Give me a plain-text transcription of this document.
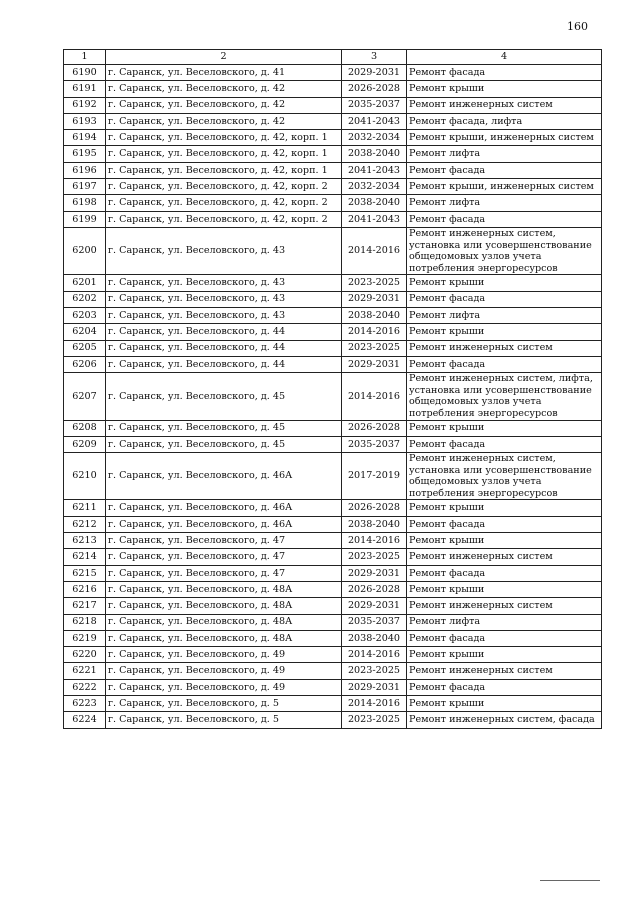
160
1	2	3	4
6190	г. Саранск, ул. Веселовского, д. 41	2029-2031	Ремонт фасада
6191	г. Саранск, ул. Веселовского, д. 42	2026-2028	Ремонт крыши
6192	г. Саранск, ул. Веселовского, д. 42	2035-2037	Ремонт инженерных систем
6193	г. Саранск, ул. Веселовского, д. 42	2041-2043	Ремонт фасада, лифта
6194	г. Саранск, ул. Веселовского, д. 42, корп. 1	2032-2034	Ремонт крыши, инженерных систем
6195	г. Саранск, ул. Веселовского, д. 42, корп. 1	2038-2040	Ремонт лифта
6196	г. Саранск, ул. Веселовского, д. 42, корп. 1	2041-2043	Ремонт фасада
6197	г. Саранск, ул. Веселовского, д. 42, корп. 2	2032-2034	Ремонт крыши, инженерных систем
6198	г. Саранск, ул. Веселовского, д. 42, корп. 2	2038-2040	Ремонт лифта
6199	г. Саранск, ул. Веселовского, д. 42, корп. 2	2041-2043	Ремонт фасада
6200	г. Саранск, ул. Веселовского, д. 43	2014-2016	Ремонт инженерных систем, установка или усовершенствование общедомовых узлов учета потребления энергоресурсов
6201	г. Саранск, ул. Веселовского, д. 43	2023-2025	Ремонт крыши
6202	г. Саранск, ул. Веселовского, д. 43	2029-2031	Ремонт фасада
6203	г. Саранск, ул. Веселовского, д. 43	2038-2040	Ремонт лифта
6204	г. Саранск, ул. Веселовского, д. 44	2014-2016	Ремонт крыши
6205	г. Саранск, ул. Веселовского, д. 44	2023-2025	Ремонт инженерных систем
6206	г. Саранск, ул. Веселовского, д. 44	2029-2031	Ремонт фасада
6207	г. Саранск, ул. Веселовского, д. 45	2014-2016	Ремонт инженерных систем, лифта, установка или усовершенствование общедомовых узлов учета потребления энергоресурсов
6208	г. Саранск, ул. Веселовского, д. 45	2026-2028	Ремонт крыши
6209	г. Саранск, ул. Веселовского, д. 45	2035-2037	Ремонт фасада
6210	г. Саранск, ул. Веселовского, д. 46А	2017-2019	Ремонт инженерных систем, установка или усовершенствование общедомовых узлов учета потребления энергоресурсов
6211	г. Саранск, ул. Веселовского, д. 46А	2026-2028	Ремонт крыши
6212	г. Саранск, ул. Веселовского, д. 46А	2038-2040	Ремонт фасада
6213	г. Саранск, ул. Веселовского, д. 47	2014-2016	Ремонт крыши
6214	г. Саранск, ул. Веселовского, д. 47	2023-2025	Ремонт инженерных систем
6215	г. Саранск, ул. Веселовского, д. 47	2029-2031	Ремонт фасада
6216	г. Саранск, ул. Веселовского, д. 48А	2026-2028	Ремонт крыши
6217	г. Саранск, ул. Веселовского, д. 48А	2029-2031	Ремонт инженерных систем
6218	г. Саранск, ул. Веселовского, д. 48А	2035-2037	Ремонт лифта
6219	г. Саранск, ул. Веселовского, д. 48А	2038-2040	Ремонт фасада
6220	г. Саранск, ул. Веселовского, д. 49	2014-2016	Ремонт крыши
6221	г. Саранск, ул. Веселовского, д. 49	2023-2025	Ремонт инженерных систем
6222	г. Саранск, ул. Веселовского, д. 49	2029-2031	Ремонт фасада
6223	г. Саранск, ул. Веселовского, д. 5	2014-2016	Ремонт крыши
6224	г. Саранск, ул. Веселовского, д. 5	2023-2025	Ремонт инженерных систем, фасада
